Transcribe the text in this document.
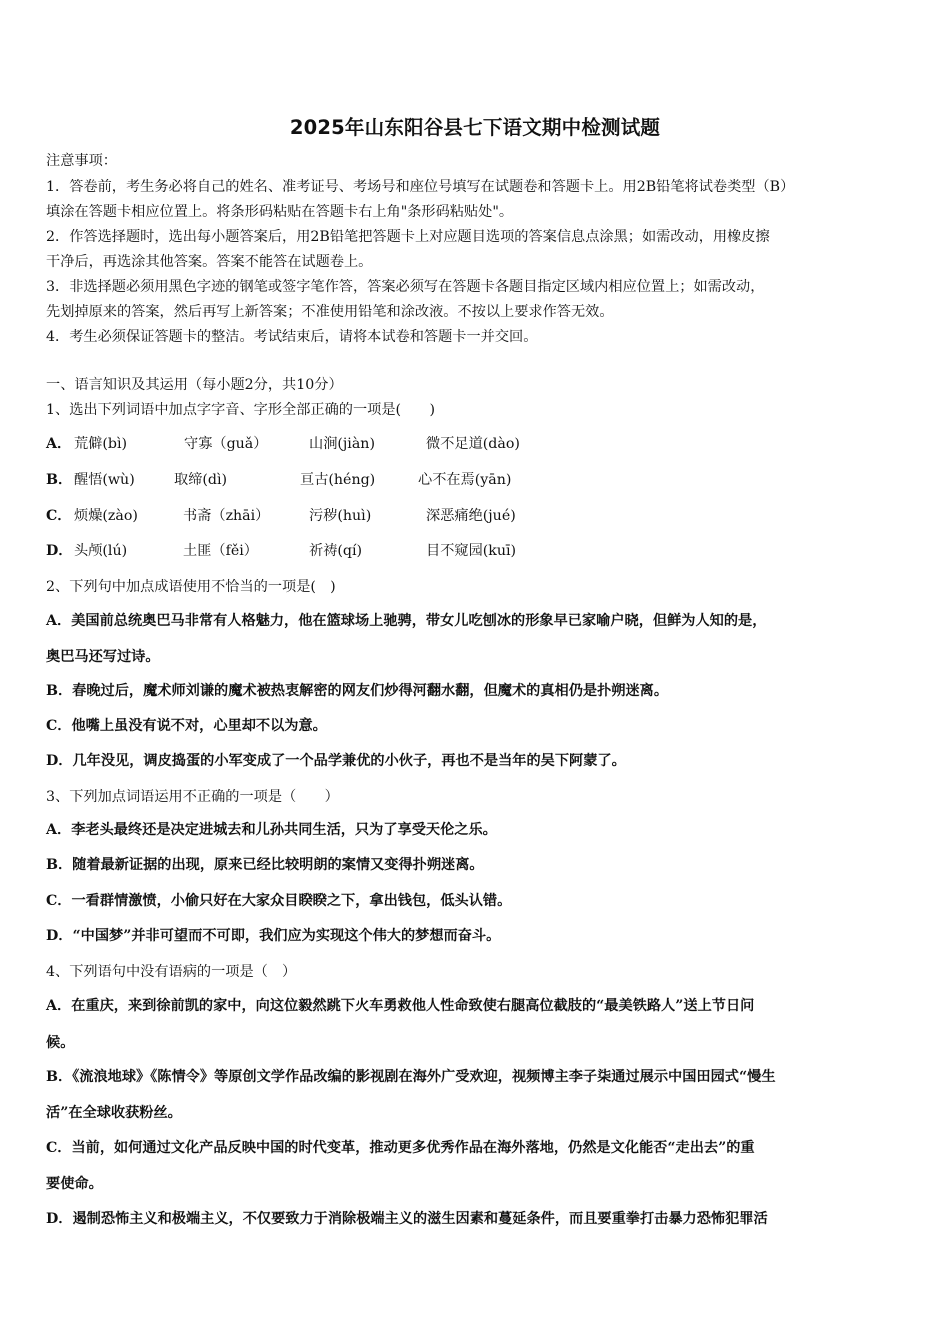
2025年山东阳谷县七下语文期中检测试题
注意事项：
1．答卷前，考生务必将自己的姓名、准考证号、考场号和座位号填写在试题卷和答题卡上。用2B铅笔将试卷类型（B）
填涂在答题卡相应位置上。将条形码粘贴在答题卡右上角"条形码粘贴处"。
2．作答选择题时，选出每小题答案后，用2B铅笔把答题卡上对应题目选项的答案信息点涂黑；如需改动，用橡皮擦
干净后，再选涂其他答案。答案不能答在试题卷上。
3．非选择题必须用黑色字迹的钢笔或签字笔作答，答案必须写在答题卡各题目指定区域内相应位置上；如需改动，
先划掉原来的答案，然后再写上新答案；不准使用铅笔和涂改液。不按以上要求作答无效。
4．考生必须保证答题卡的整洁。考试结束后，请将本试卷和答题卡一并交回。
一、语言知识及其运用（每小题2分，共10分）
1、选出下列词语中加点字字音、字形全部正确的一项是(　　)
A． 荒僻(bì)	守寡（guǎ）	山涧(jiàn)	微不足道(dào)
B． 醒悟(wù)	取缔(dì)	亘古(héng)	心不在焉(yān)
C． 烦燥(zào)	书斋（zhāi）	污秽(huì)	深恶痛绝(jué)
D． 头颅(lú)	土匪（fěi）	祈祷(qí)	目不窥园(kuī)
2、下列句中加点成语使用不恰当的一项是(　)
A．美国前总统奥巴马非常有人格魅力，他在篮球场上驰骋，带女儿吃刨冰的形象早已家喻户晓，但鲜为人知的是，
奥巴马还写过诗。
B．春晚过后，魔术师刘谦的魔术被热衷解密的网友们炒得河翻水翻，但魔术的真相仍是扑朔迷离。
C．他嘴上虽没有说不对，心里却不以为意。
D．几年没见，调皮捣蛋的小军变成了一个品学兼优的小伙子，再也不是当年的吴下阿蒙了。
3、下列加点词语运用不正确的一项是（　　）
A．李老头最终还是决定进城去和儿孙共同生活，只为了享受天伦之乐。
B．随着最新证据的出现，原来已经比较明朗的案情又变得扑朔迷离。
C．一看群情激愤，小偷只好在大家众目睽睽之下，拿出钱包，低头认错。
D．“中国梦”并非可望而不可即，我们应为实现这个伟大的梦想而奋斗。
4、下列语句中没有语病的一项是（　）
A．在重庆，来到徐前凯的家中，向这位毅然跳下火车勇救他人性命致使右腿高位截肢的“最美铁路人”送上节日问
候。
B．《流浪地球》《陈情令》等原创文学作品改编的影视剧在海外广受欢迎，视频博主李子柒通过展示中国田园式“慢生
活”在全球收获粉丝。
C．当前，如何通过文化产品反映中国的时代变革，推动更多优秀作品在海外落地，仍然是文化能否“走出去”的重
要使命。
D．遏制恐怖主义和极端主义，不仅要致力于消除极端主义的滋生因素和蔓延条件，而且要重拳打击暴力恐怖犯罪活
